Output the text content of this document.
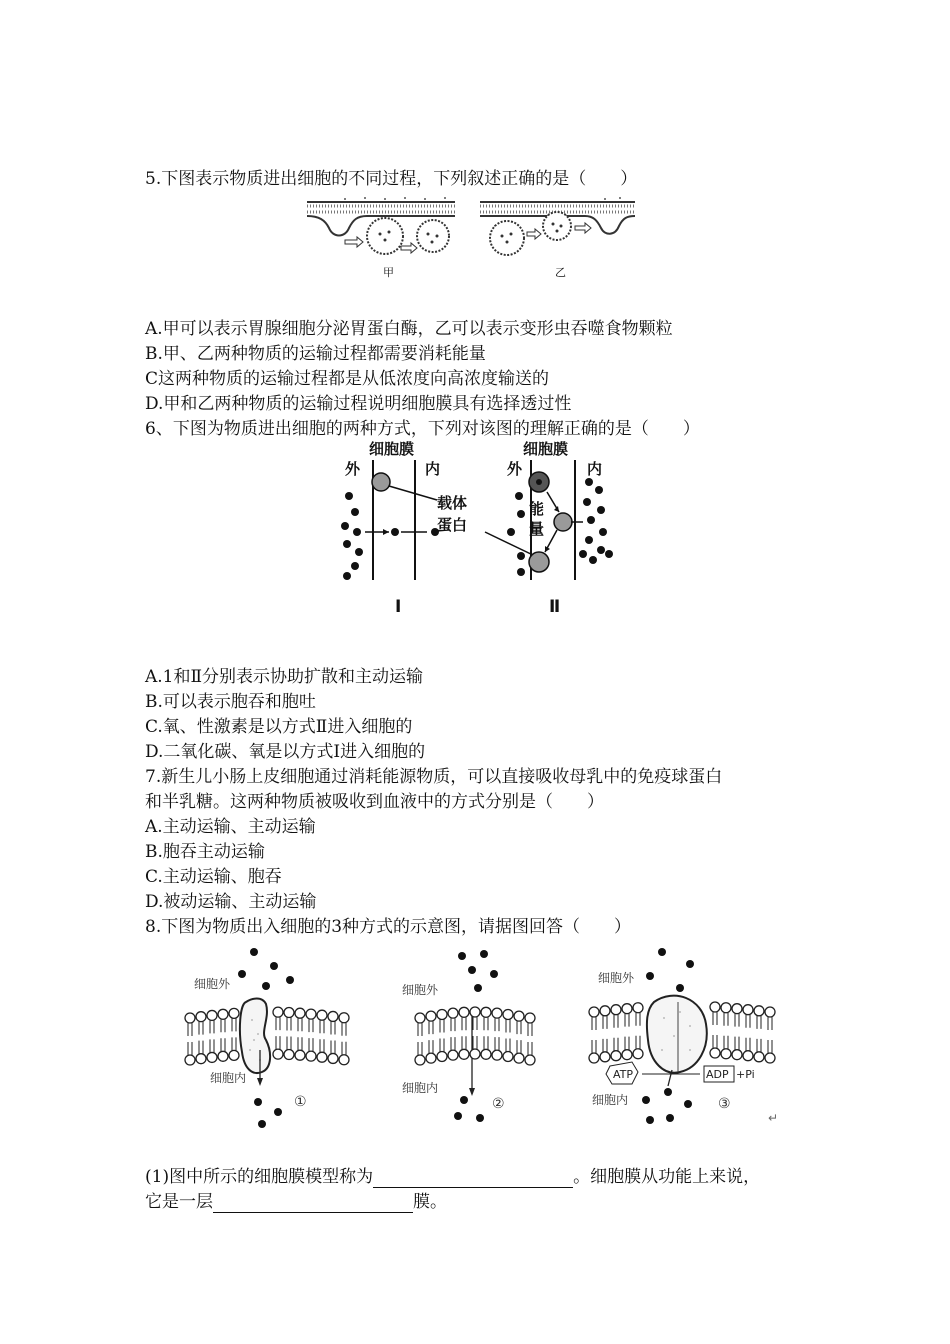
5.下图表示物质进出细胞的不同过程，下列叙述正确的是（　　）
甲	乙
A.甲可以表示胃腺细胞分泌胃蛋白酶，乙可以表示变形虫吞噬食物颗粒
B.甲、乙两种物质的运输过程都需要消耗能量
C这两种物质的运输过程都是从低浓度向高浓度输送的
D.甲和乙两种物质的运输过程说明细胞膜具有选择透过性
6、下图为物质进出细胞的两种方式，下列对该图的理解正确的是（　　）
细胞膜
外	内
载体
蛋白
I
细胞膜
外	内
能
量
Ⅱ
A.1和Ⅱ分别表示协助扩散和主动运输
B.可以表示胞吞和胞吐
C.氧、性激素是以方式Ⅱ进入细胞的
D.二氧化碳、氧是以方式I进入细胞的
7.新生儿小肠上皮细胞通过消耗能源物质，可以直接吸收母乳中的免疫球蛋白
和半乳糖。这两种物质被吸收到血液中的方式分别是（　　）
A.主动运输、主动运输
B.胞吞主动运输
C.主动运输、胞吞
D.被动运输、主动运输
8.下图为物质出入细胞的3种方式的示意图，请据图回答（　　）
细胞外
细胞内
①
细胞外
细胞内
②
细胞外
细胞内	③
ATP	ADP +Pi
↵
(1)图中所示的细胞膜模型称为	。细胞膜从功能上来说，
它是一层	膜。
